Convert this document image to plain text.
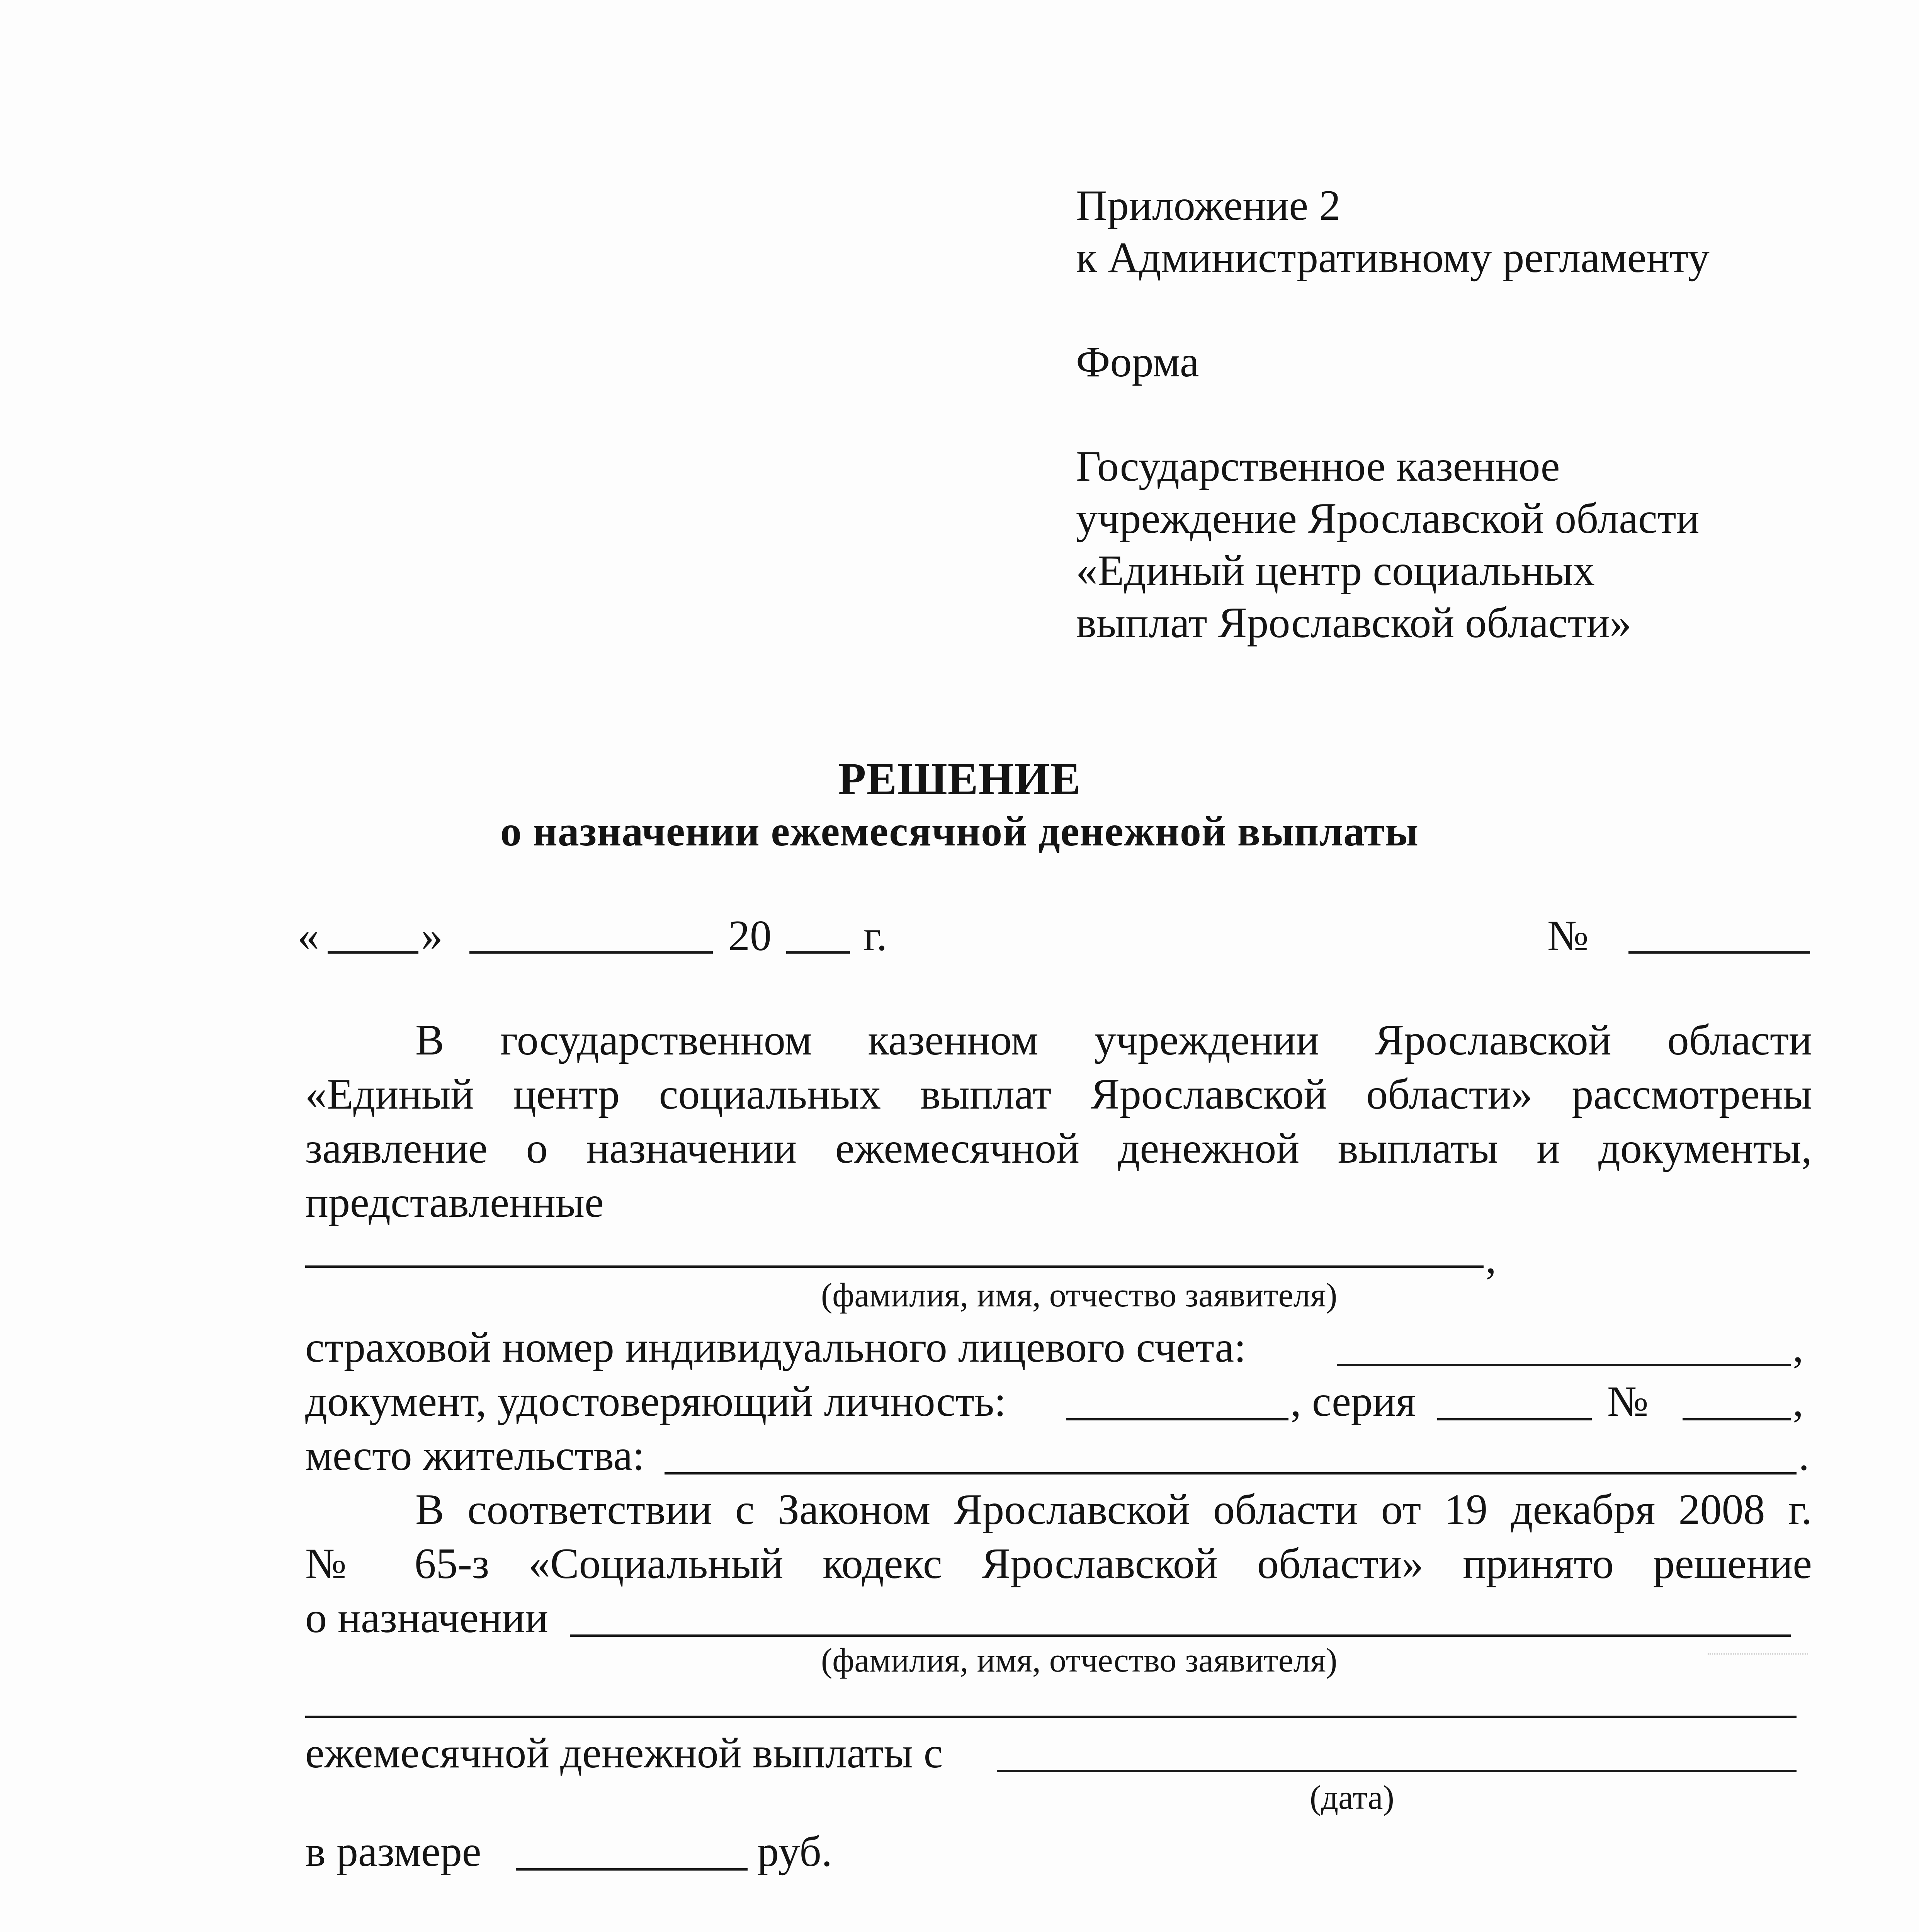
Приложение 2
к Административному регламенту
Форма
Государственное казенное
учреждение Ярославской области
«Единый центр социальных
выплат Ярославской области»
РЕШЕНИЕ
о назначении ежемесячной денежной выплаты
« »	20 г.	№
В государственном казенном учреждении Ярославской области
«Единый центр социальных выплат Ярославской области» рассмотрены
заявление о назначении ежемесячной денежной выплаты и документы,
представленные
,
(фамилия, имя, отчество заявителя)
страховой номер индивидуального лицевого счета:	,
документ, удостоверяющий личность:	, серия	№	,
место жительства:	.
В соответствии с Законом Ярославской области от 19 декабря 2008 г.
№ 65-з «Социальный кодекс Ярославской области» принято решение
о назначении
(фамилия, имя, отчество заявителя)
ежемесячной денежной выплаты с
(дата)
в размере	руб.
